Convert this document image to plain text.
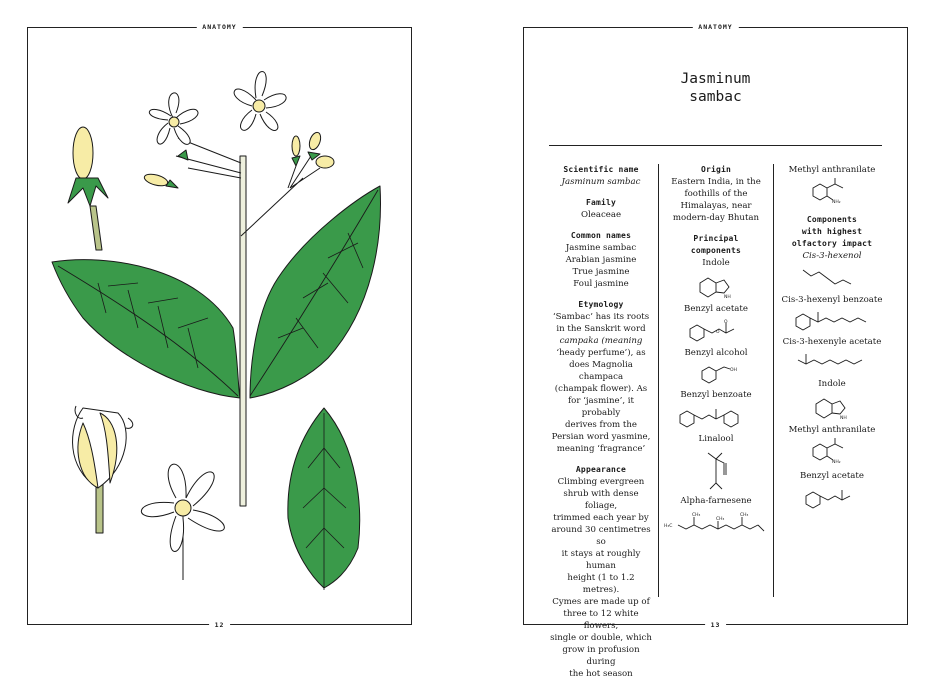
ANATOMY
12
ANATOMY
13
Jasminum
sambac
Scientific name
Jasminum sambac
Family
Oleaceae
Common names
Jasmine sambac
Arabian jasmine
True jasmine
Foul jasmine
Etymology
‘Sambac’ has its roots
in the Sanskrit word
campaka (meaning
‘heady perfume’), as
does Magnolia champaca
(champak flower). As
for ‘jasmine’, it probably
derives from the
Persian word yasmine,
meaning ‘fragrance’
Appearance
Climbing evergreen
shrub with dense foliage,
trimmed each year by
around 30 centimetres so
it stays at roughly human
height (1 to 1.2 metres).
Cymes are made up of
three to 12 white flowers,
single or double, which
grow in profusion during
the hot season
Origin
Eastern India, in the
foothills of the
Himalayas, near
modern-day Bhutan
Principal
components
Indole
NH
Benzyl acetate
O
O
Benzyl alcohol
OH
Benzyl benzoate
Linalool
Alpha-farnesene
H₃C
CH₃
CH₃
CH₃
Methyl anthranilate
NH₂
Components
with highest
olfactory impact
Cis-3-hexenol
Cis-3-hexenyl benzoate
Cis-3-hexenyle acetate
Indole
NH
Methyl anthranilate
NH₂
Benzyl acetate
